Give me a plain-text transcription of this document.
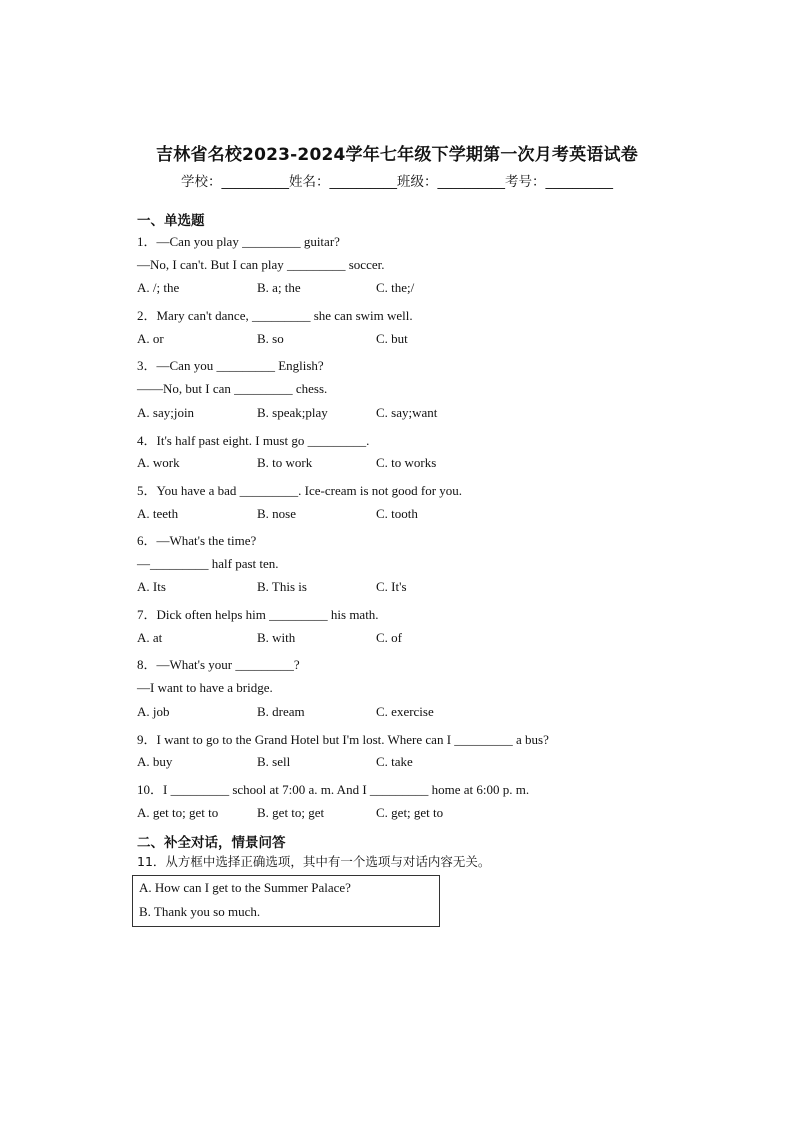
吉林省名校2023-2024学年七年级下学期第一次月考英语试卷
学校：__________姓名：__________班级：__________考号：__________
一、单选题
1．—Can you play _________ guitar?
—No, I can't. But I can play _________ soccer.
A. /; the	B. a; the	C. the;/
2．Mary can't dance, _________ she can swim well.
A. or	B. so	C. but
3．—Can you _________ English?
——No, but I can _________ chess.
A. say;join	B. speak;play	C. say;want
4．It's half past eight. I must go _________.
A. work	B. to work	C. to works
5．You have a bad _________. Ice-cream is not good for you.
A. teeth	B. nose	C. tooth
6．—What's the time?
—_________ half past ten.
A. Its	B. This is	C. It's
7．Dick often helps him _________ his math.
A. at	B. with	C. of
8．—What's your _________?
—I want to have a bridge.
A. job	B. dream	C. exercise
9．I want to go to the Grand Hotel but I'm lost. Where can I _________ a bus?
A. buy	B. sell	C. take
10．I _________ school at 7:00 a. m. And I _________ home at 6:00 p. m.
A. get to; get to	B. get to; get	C. get; get to
二、补全对话，情景问答
11．从方框中选择正确选项，其中有一个选项与对话内容无关。
A. How can I get to the Summer Palace?
B. Thank you so much.
